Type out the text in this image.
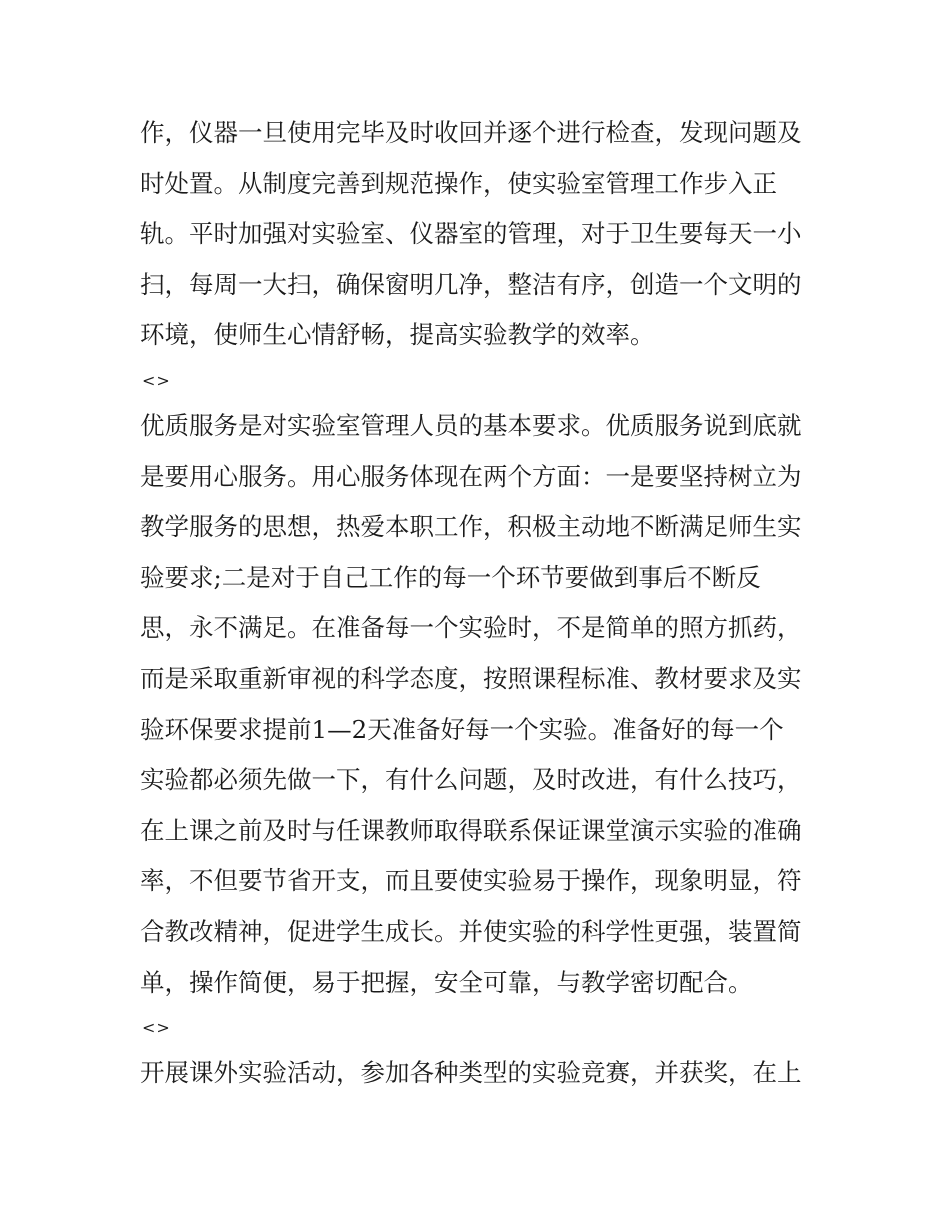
作，仪器一旦使用完毕及时收回并逐个进行检查，发现问题及
时处置。从制度完善到规范操作，使实验室管理工作步入正
轨。平时加强对实验室、仪器室的管理，对于卫生要每天一小
扫，每周一大扫，确保窗明几净，整洁有序，创造一个文明的
环境，使师生心情舒畅，提高实验教学的效率。
<>
优质服务是对实验室管理人员的基本要求。优质服务说到底就
是要用心服务。用心服务体现在两个方面：一是要坚持树立为
教学服务的思想，热爱本职工作，积极主动地不断满足师生实
验要求;二是对于自己工作的每一个环节要做到事后不断反
思，永不满足。在准备每一个实验时，不是简单的照方抓药，
而是采取重新审视的科学态度，按照课程标准、教材要求及实
验环保要求提前1—2天准备好每一个实验。准备好的每一个
实验都必须先做一下，有什么问题，及时改进，有什么技巧，
在上课之前及时与任课教师取得联系保证课堂演示实验的准确
率，不但要节省开支，而且要使实验易于操作，现象明显，符
合教改精神，促进学生成长。并使实验的科学性更强，装置简
单，操作简便，易于把握，安全可靠，与教学密切配合。
<>
开展课外实验活动，参加各种类型的实验竞赛，并获奖，在上
